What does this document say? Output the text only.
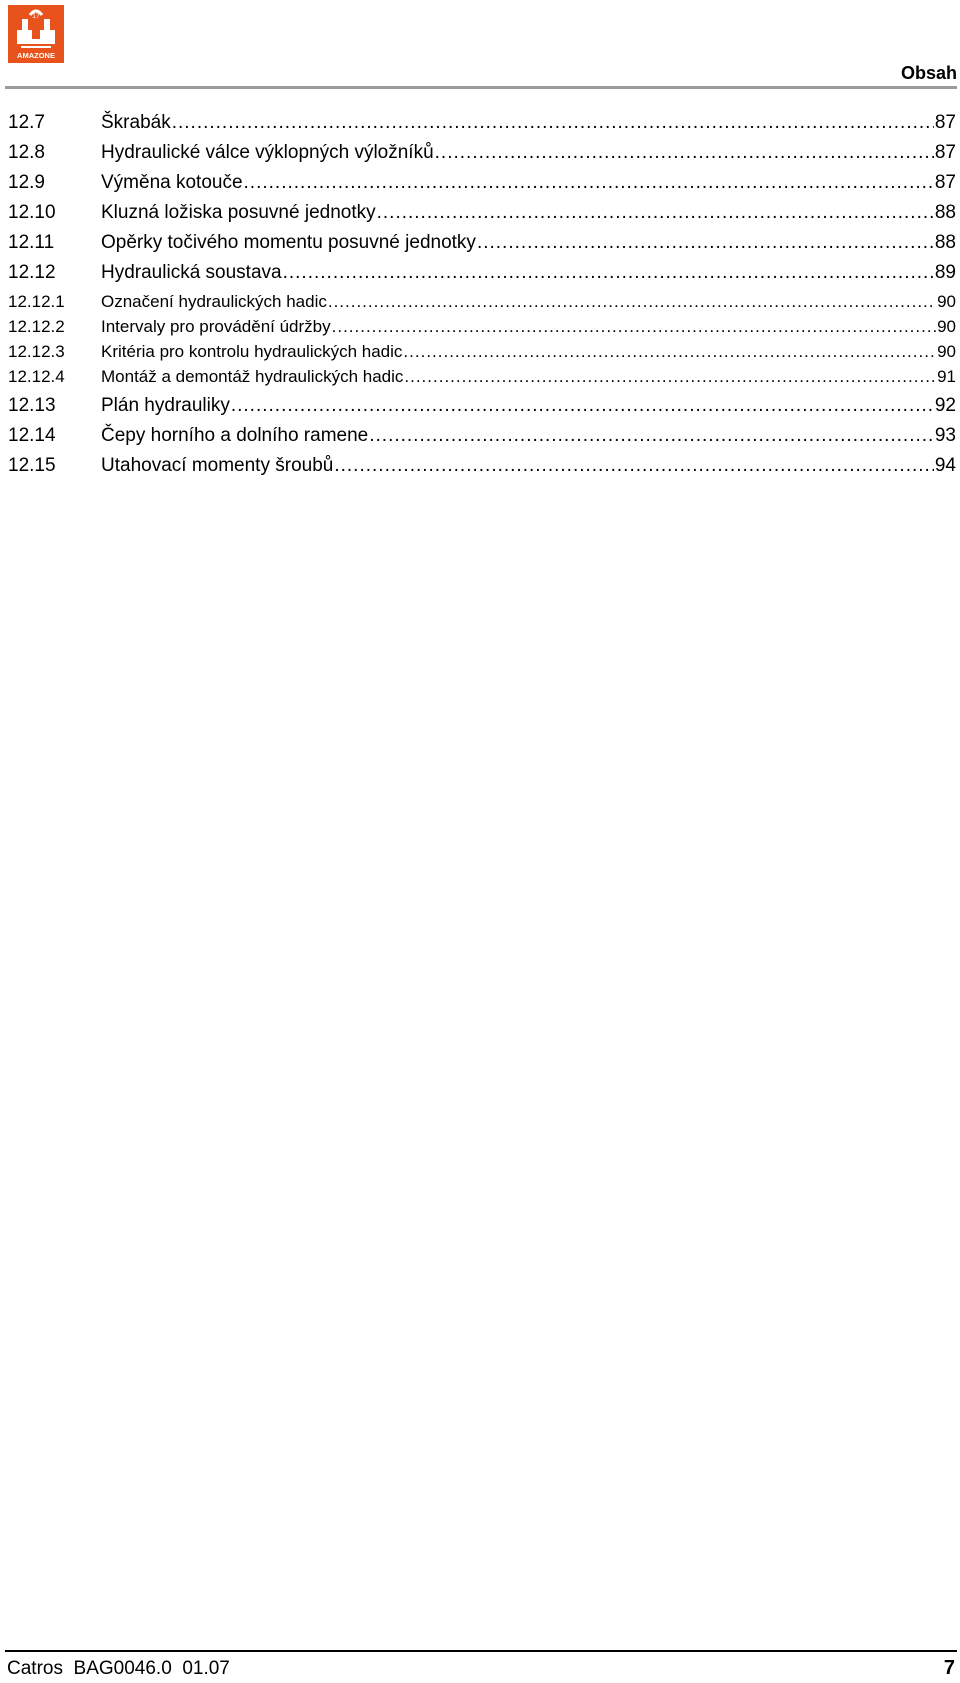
17
AMAZONE
Obsah
12.7	Škrabák .....	87
12.8	Hydraulické válce výklopných výložníků .....	87
12.9	Výměna kotouče .....	87
12.10	Kluzná ložiska posuvné jednotky .....	88
12.11	Opěrky točivého momentu posuvné jednotky .....	88
12.12	Hydraulická soustava .....	89
12.12.1	Označení hydraulických hadic .....	90
12.12.2	Intervaly pro provádění údržby .....	90
12.12.3	Kritéria pro kontrolu hydraulických hadic .....	90
12.12.4	Montáž a demontáž hydraulických hadic .....	91
12.13	Plán hydrauliky .....	92
12.14	Čepy horního a dolního ramene .....	93
12.15	Utahovací momenty šroubů .....	94
Catros  BAG0046.0  01.07	7
